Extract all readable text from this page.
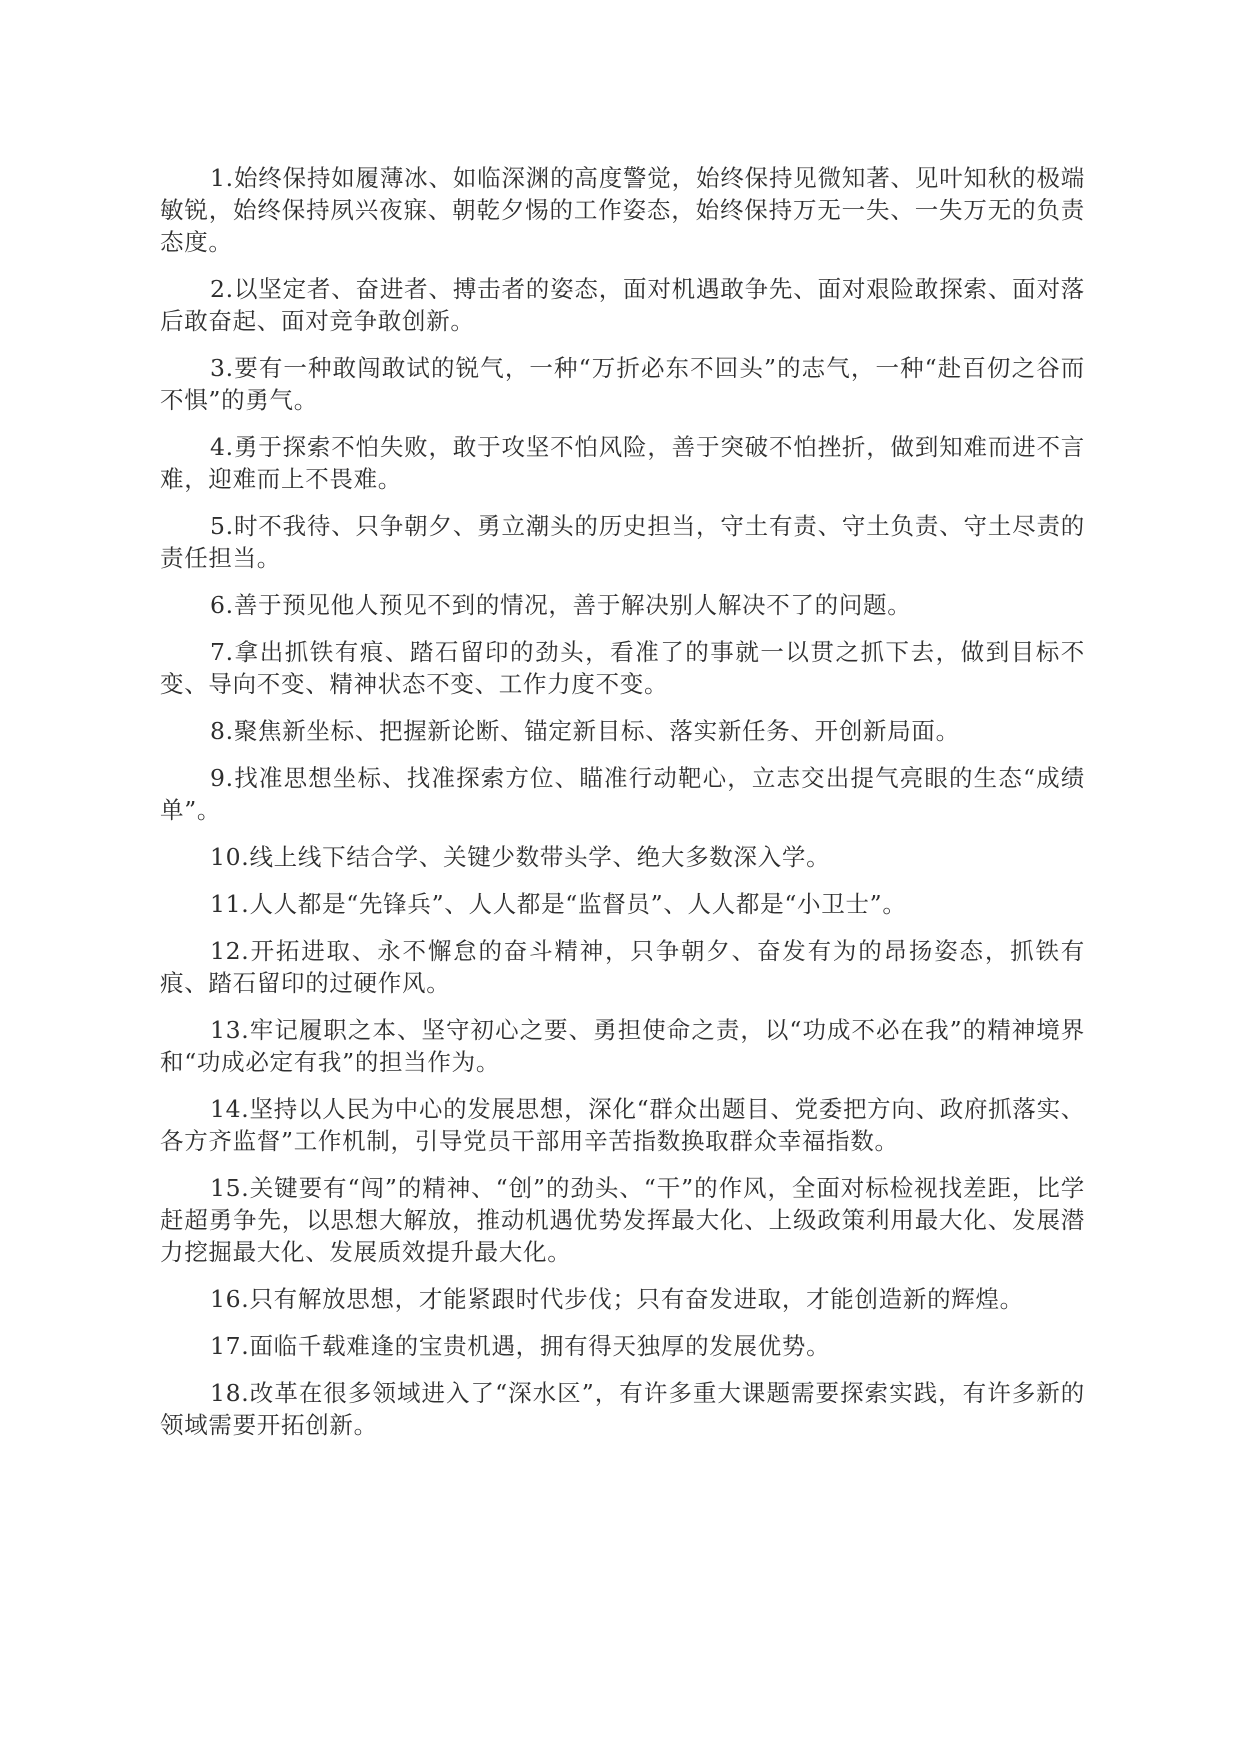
1.始终保持如履薄冰、如临深渊的高度警觉，始终保持见微知著、见叶知秋的极端敏锐，始终保持夙兴夜寐、朝乾夕惕的工作姿态，始终保持万无一失、一失万无的负责态度。

2.以坚定者、奋进者、搏击者的姿态，面对机遇敢争先、面对艰险敢探索、面对落后敢奋起、面对竞争敢创新。

3.要有一种敢闯敢试的锐气，一种“万折必东不回头”的志气，一种“赴百仞之谷而不惧”的勇气。

4.勇于探索不怕失败，敢于攻坚不怕风险，善于突破不怕挫折，做到知难而进不言难，迎难而上不畏难。

5.时不我待、只争朝夕、勇立潮头的历史担当，守土有责、守土负责、守土尽责的责任担当。

6.善于预见他人预见不到的情况，善于解决别人解决不了的问题。

7.拿出抓铁有痕、踏石留印的劲头，看准了的事就一以贯之抓下去，做到目标不变、导向不变、精神状态不变、工作力度不变。

8.聚焦新坐标、把握新论断、锚定新目标、落实新任务、开创新局面。

9.找准思想坐标、找准探索方位、瞄准行动靶心，立志交出提气亮眼的生态“成绩单”。

10.线上线下结合学、关键少数带头学、绝大多数深入学。

11.人人都是“先锋兵”、人人都是“监督员”、人人都是“小卫士”。

12.开拓进取、永不懈怠的奋斗精神，只争朝夕、奋发有为的昂扬姿态，抓铁有痕、踏石留印的过硬作风。

13.牢记履职之本、坚守初心之要、勇担使命之责，以“功成不必在我”的精神境界和“功成必定有我”的担当作为。

14.坚持以人民为中心的发展思想，深化“群众出题目、党委把方向、政府抓落实、各方齐监督”工作机制，引导党员干部用辛苦指数换取群众幸福指数。

15.关键要有“闯”的精神、“创”的劲头、“干”的作风，全面对标检视找差距，比学赶超勇争先，以思想大解放，推动机遇优势发挥最大化、上级政策利用最大化、发展潜力挖掘最大化、发展质效提升最大化。

16.只有解放思想，才能紧跟时代步伐；只有奋发进取，才能创造新的辉煌。

17.面临千载难逢的宝贵机遇，拥有得天独厚的发展优势。

18.改革在很多领域进入了“深水区”，有许多重大课题需要探索实践，有许多新的领域需要开拓创新。
